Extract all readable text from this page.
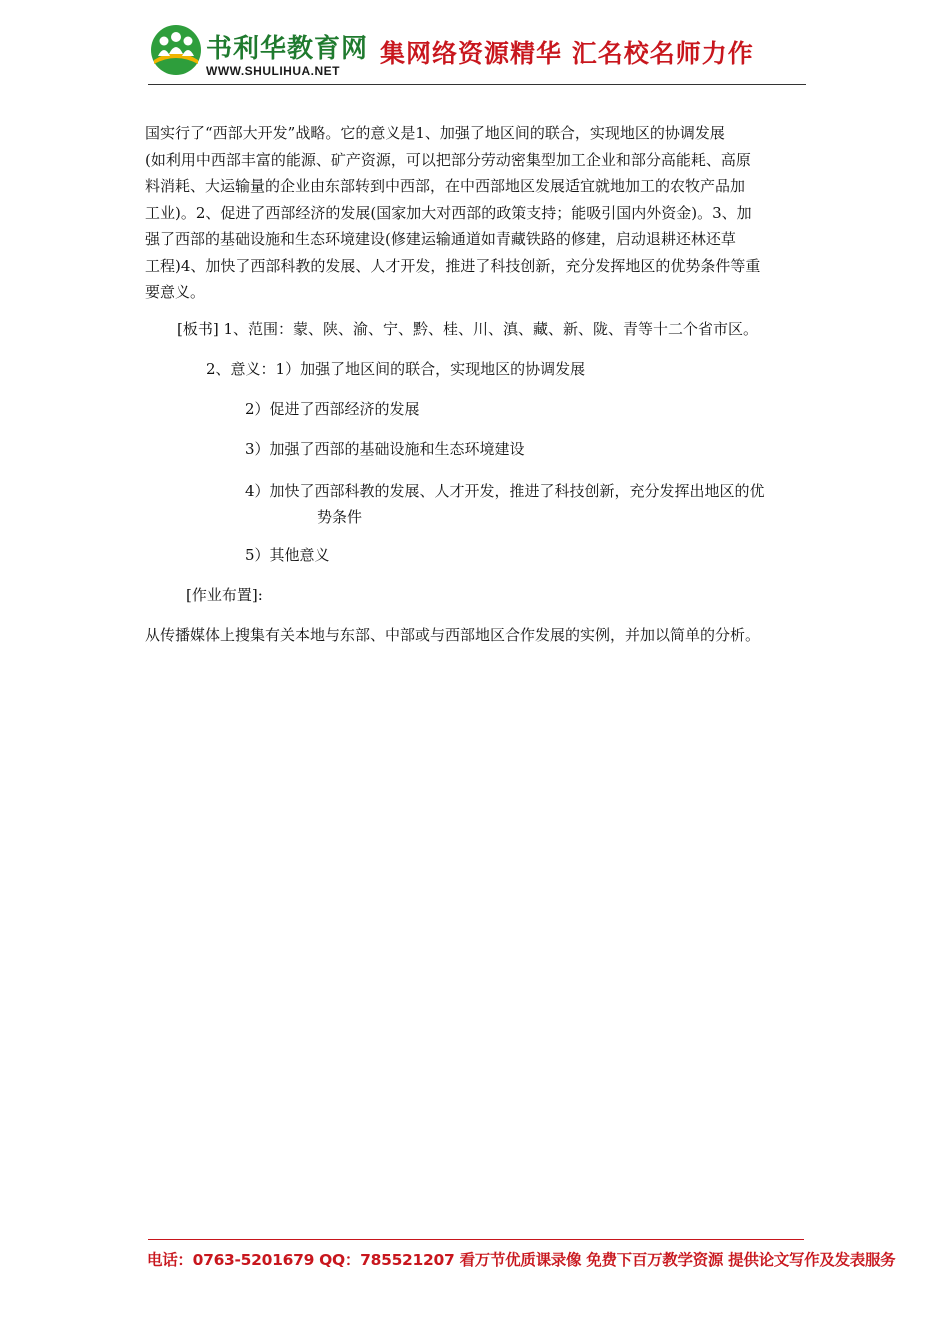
书利华教育网
WWW.SHULIHUA.NET
集网络资源精华 汇名校名师力作
国实行了“西部大开发”战略。它的意义是1、加强了地区间的联合，实现地区的协调发展
(如利用中西部丰富的能源、矿产资源，可以把部分劳动密集型加工企业和部分高能耗、高原
料消耗、大运输量的企业由东部转到中西部，在中西部地区发展适宜就地加工的农牧产品加
工业)。2、促进了西部经济的发展(国家加大对西部的政策支持；能吸引国内外资金)。3、加
强了西部的基础设施和生态环境建设(修建运输通道如青藏铁路的修建，启动退耕还林还草
工程)4、加快了西部科教的发展、人才开发，推进了科技创新，充分发挥地区的优势条件等重
要意义。
[板书] 1、范围：蒙、陕、渝、宁、黔、桂、川、滇、藏、新、陇、青等十二个省市区。
2、意义：1）加强了地区间的联合，实现地区的协调发展
2）促进了西部经济的发展
3）加强了西部的基础设施和生态环境建设
4）加快了西部科教的发展、人才开发，推进了科技创新，充分发挥出地区的优
势条件
5）其他意义
[作业布置]:
从传播媒体上搜集有关本地与东部、中部或与西部地区合作发展的实例，并加以简单的分析。
电话：0763-5201679 QQ：785521207 看万节优质课录像 免费下百万教学资源 提供论文写作及发表服务
